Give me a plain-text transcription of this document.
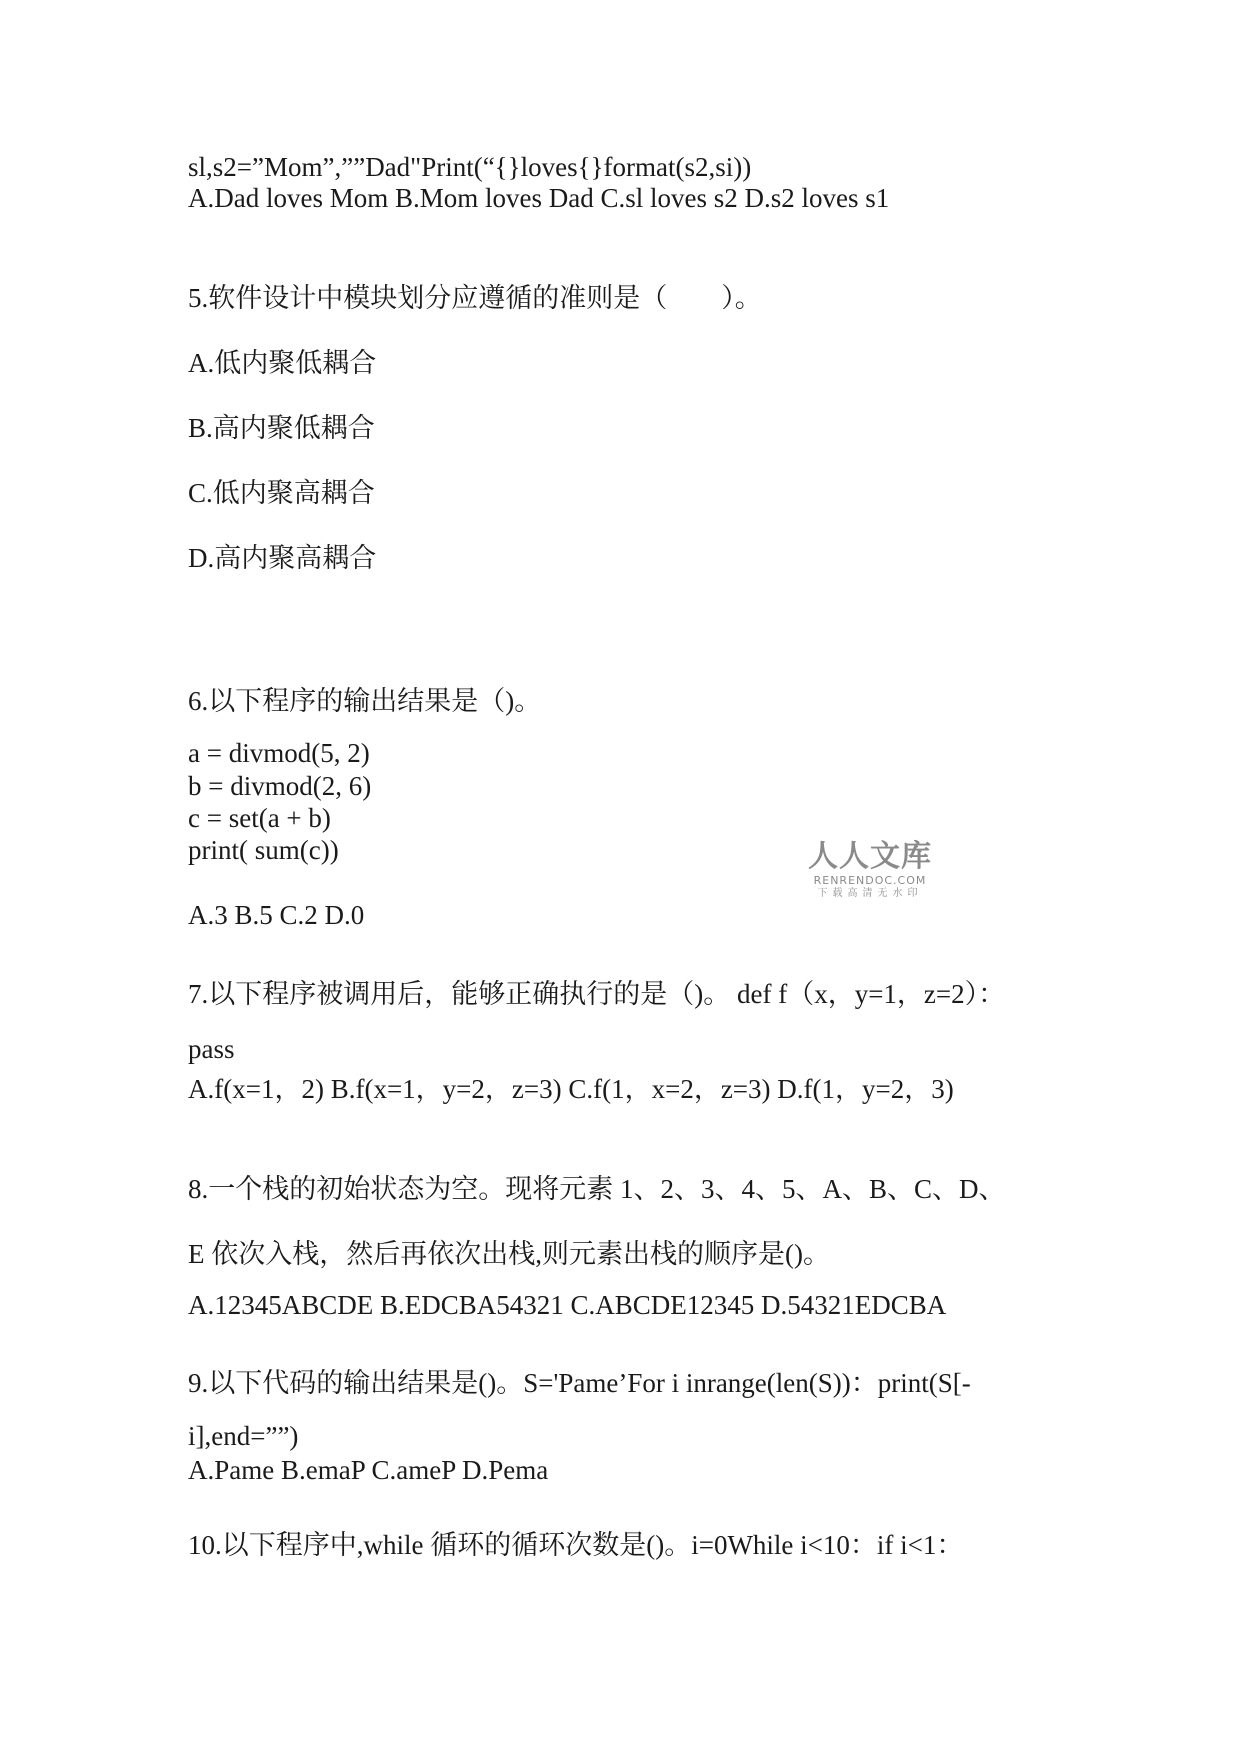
sl,s2=”Mom”,””Dad"Print(“{}loves{}format(s2,si))
A.Dad loves Mom B.Mom loves Dad C.sl loves s2 D.s2 loves s1
5.软件设计中模块划分应遵循的准则是（　　）。
A.低内聚低耦合
B.高内聚低耦合
C.低内聚高耦合
D.高内聚高耦合
6.以下程序的输出结果是（)。
a = divmod(5, 2)
b = divmod(2, 6)
c = set(a + b)
print( sum(c))
A.3 B.5 C.2 D.0
7.以下程序被调用后，能够正确执行的是（)。 def f（x，y=1，z=2）：
pass
A.f(x=1，2) B.f(x=1，y=2，z=3) C.f(1，x=2，z=3) D.f(1，y=2，3)
8.一个栈的初始状态为空。现将元素 1、2、3、4、5、A、B、C、D、
E 依次入栈，然后再依次出栈,则元素出栈的顺序是()。
A.12345ABCDE B.EDCBA54321 C.ABCDE12345 D.54321EDCBA
9.以下代码的输出结果是()。S='Pame’For i inrange(len(S))：print(S[-
i],end=””)
A.Pame B.emaP C.ameP D.Pema
10.以下程序中,while 循环的循环次数是()。i=0While i<10：if i<1：
人人文库
RENRENDOC.COM
下载高清无水印
